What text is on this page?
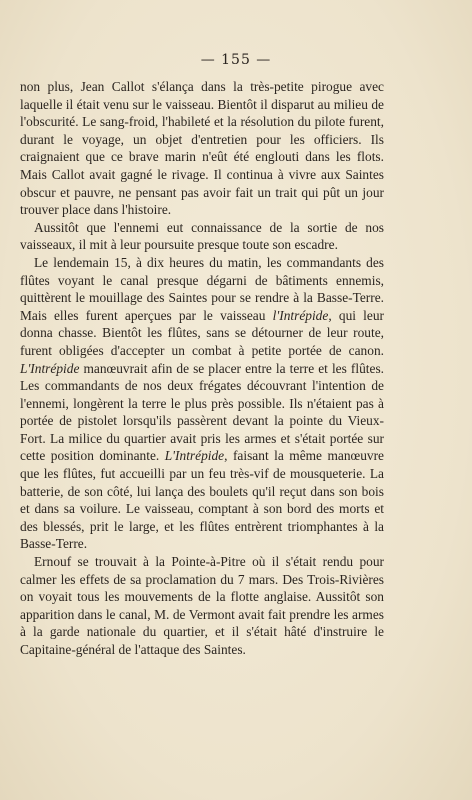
— 155 —

non plus, Jean Callot s'élança dans la très-petite pirogue avec laquelle il était venu sur le vaisseau. Bientôt il disparut au milieu de l'obscurité. Le sang-froid, l'habileté et la résolution du pilote furent, durant le voyage, un objet d'entretien pour les officiers. Ils craignaient que ce brave marin n'eût été englouti dans les flots. Mais Callot avait gagné le rivage. Il continua à vivre aux Saintes obscur et pauvre, ne pensant pas avoir fait un trait qui pût un jour trouver place dans l'histoire.

Aussitôt que l'ennemi eut connaissance de la sortie de nos vaisseaux, il mit à leur poursuite presque toute son escadre.

Le lendemain 15, à dix heures du matin, les commandants des flûtes voyant le canal presque dégarni de bâtiments ennemis, quittèrent le mouillage des Saintes pour se rendre à la Basse-Terre. Mais elles furent aperçues par le vaisseau l'Intrépide, qui leur donna chasse. Bientôt les flûtes, sans se détourner de leur route, furent obligées d'accepter un combat à petite portée de canon. L'Intrépide manœuvrait afin de se placer entre la terre et les flûtes. Les commandants de nos deux frégates découvrant l'intention de l'ennemi, longèrent la terre le plus près possible. Ils n'étaient pas à portée de pistolet lorsqu'ils passèrent devant la pointe du Vieux-Fort. La milice du quartier avait pris les armes et s'était portée sur cette position dominante. L'Intrépide, faisant la même manœuvre que les flûtes, fut accueilli par un feu très-vif de mousqueterie. La batterie, de son côté, lui lança des boulets qu'il reçut dans son bois et dans sa voilure. Le vaisseau, comptant à son bord des morts et des blessés, prit le large, et les flûtes entrèrent triomphantes à la Basse-Terre.

Ernouf se trouvait à la Pointe-à-Pitre où il s'était rendu pour calmer les effets de sa proclamation du 7 mars. Des Trois-Rivières on voyait tous les mouvements de la flotte anglaise. Aussitôt son apparition dans le canal, M. de Vermont avait fait prendre les armes à la garde nationale du quartier, et il s'était hâté d'instruire le Capitaine-général de l'attaque des Saintes.
